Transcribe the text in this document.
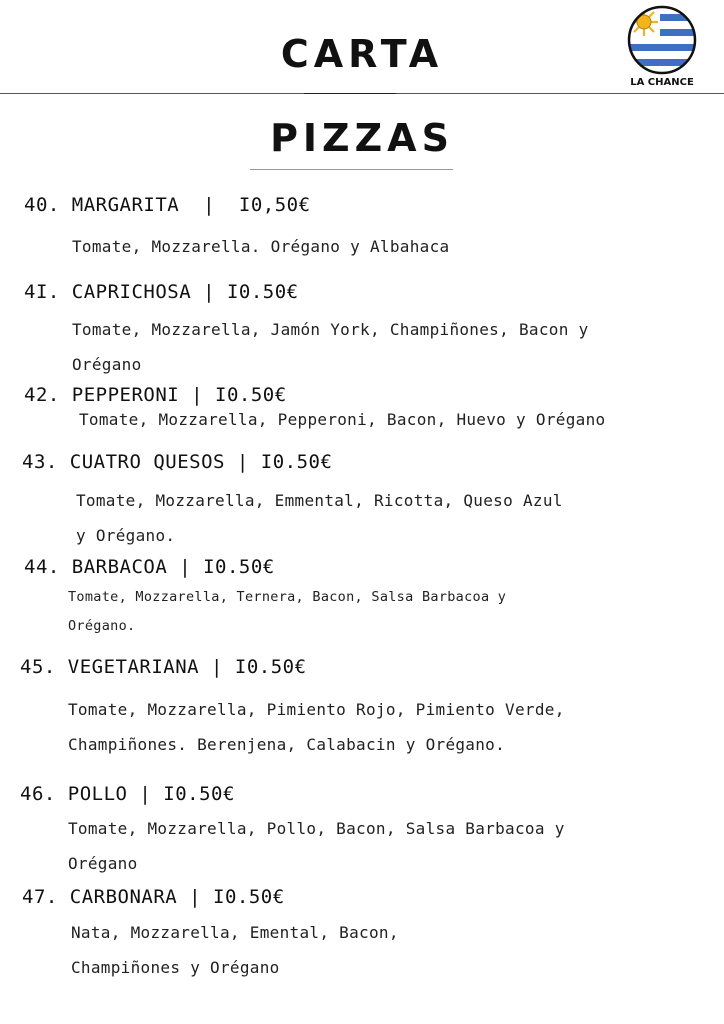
CARTA
LA CHANCE
PIZZAS
40. MARGARITA  |  I0,50€
Tomate, Mozzarella. Orégano y Albahaca
4I. CAPRICHOSA | I0.50€
Tomate, Mozzarella, Jamón York, Champiñones, Bacon y
Orégano
42. PEPPERONI | I0.50€
Tomate, Mozzarella, Pepperoni, Bacon, Huevo y Orégano
43. CUATRO QUESOS | I0.50€
Tomate, Mozzarella, Emmental, Ricotta, Queso Azul
y Orégano.
44. BARBACOA | I0.50€
Tomate, Mozzarella, Ternera, Bacon, Salsa Barbacoa y
Orégano.
45. VEGETARIANA | I0.50€
Tomate, Mozzarella, Pimiento Rojo, Pimiento Verde,
Champiñones. Berenjena, Calabacin y Orégano.
46. POLLO | I0.50€
Tomate, Mozzarella, Pollo, Bacon, Salsa Barbacoa y
Orégano
47. CARBONARA | I0.50€
Nata, Mozzarella, Emental, Bacon,
Champiñones y Orégano
